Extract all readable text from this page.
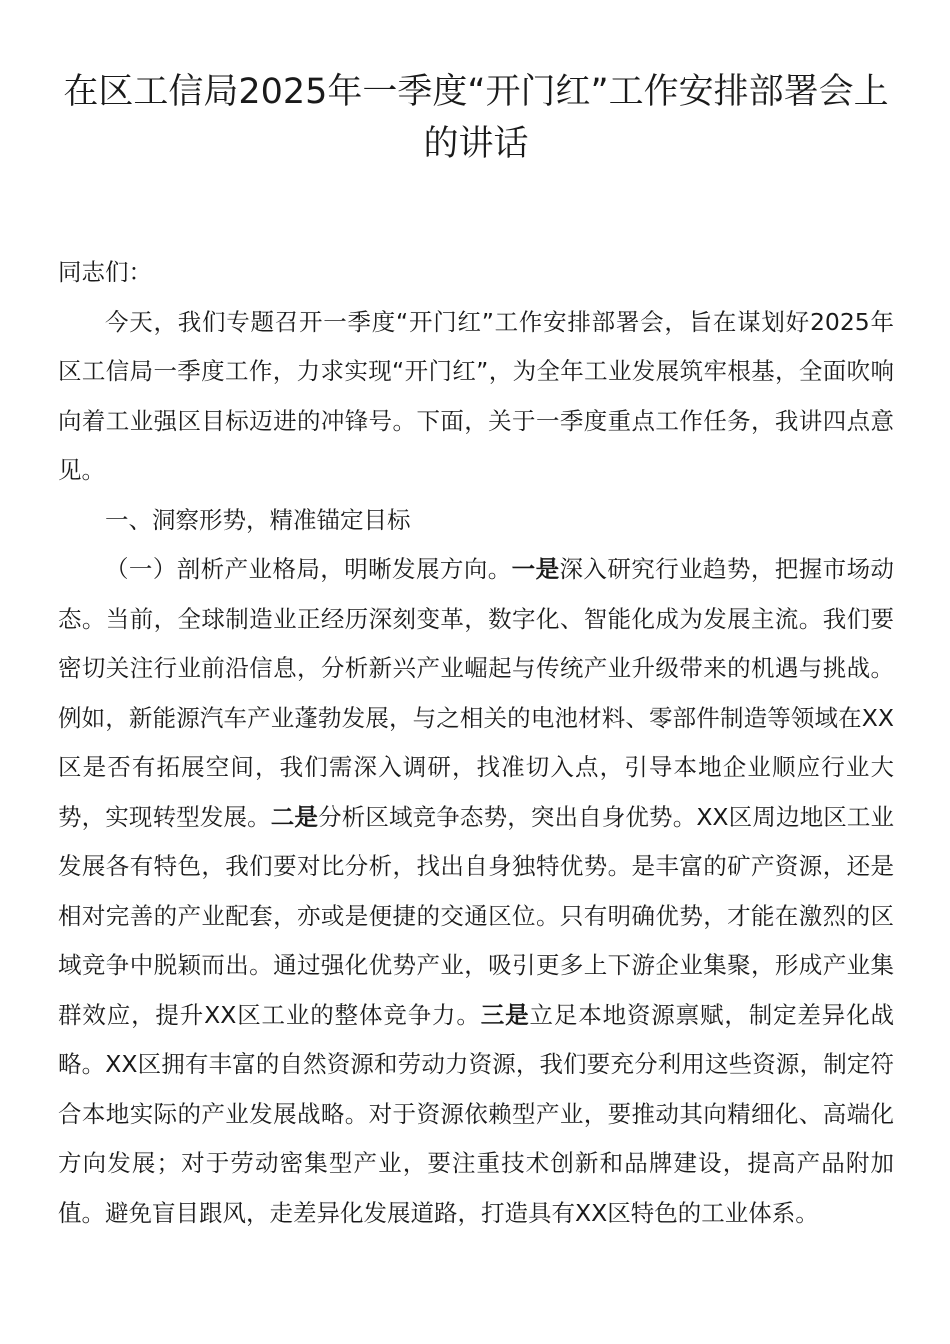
在区工信局2025年一季度“开门红”工作安排部署会上的讲话

同志们：

今天，我们专题召开一季度“开门红”工作安排部署会，旨在谋划好2025年区工信局一季度工作，力求实现“开门红”，为全年工业发展筑牢根基，全面吹响向着工业强区目标迈进的冲锋号。下面，关于一季度重点工作任务，我讲四点意见。

一、洞察形势，精准锚定目标

（一）剖析产业格局，明晰发展方向。一是深入研究行业趋势，把握市场动态。当前，全球制造业正经历深刻变革，数字化、智能化成为发展主流。我们要密切关注行业前沿信息，分析新兴产业崛起与传统产业升级带来的机遇与挑战。例如，新能源汽车产业蓬勃发展，与之相关的电池材料、零部件制造等领域在XX区是否有拓展空间，我们需深入调研，找准切入点，引导本地企业顺应行业大势，实现转型发展。二是分析区域竞争态势，突出自身优势。XX区周边地区工业发展各有特色，我们要对比分析，找出自身独特优势。是丰富的矿产资源，还是相对完善的产业配套，亦或是便捷的交通区位。只有明确优势，才能在激烈的区域竞争中脱颖而出。通过强化优势产业，吸引更多上下游企业集聚，形成产业集群效应，提升XX区工业的整体竞争力。三是立足本地资源禀赋，制定差异化战略。XX区拥有丰富的自然资源和劳动力资源，我们要充分利用这些资源，制定符合本地实际的产业发展战略。对于资源依赖型产业，要推动其向精细化、高端化方向发展；对于劳动密集型产业，要注重技术创新和品牌建设，提高产品附加值。避免盲目跟风，走差异化发展道路，打造具有XX区特色的工业体系。
